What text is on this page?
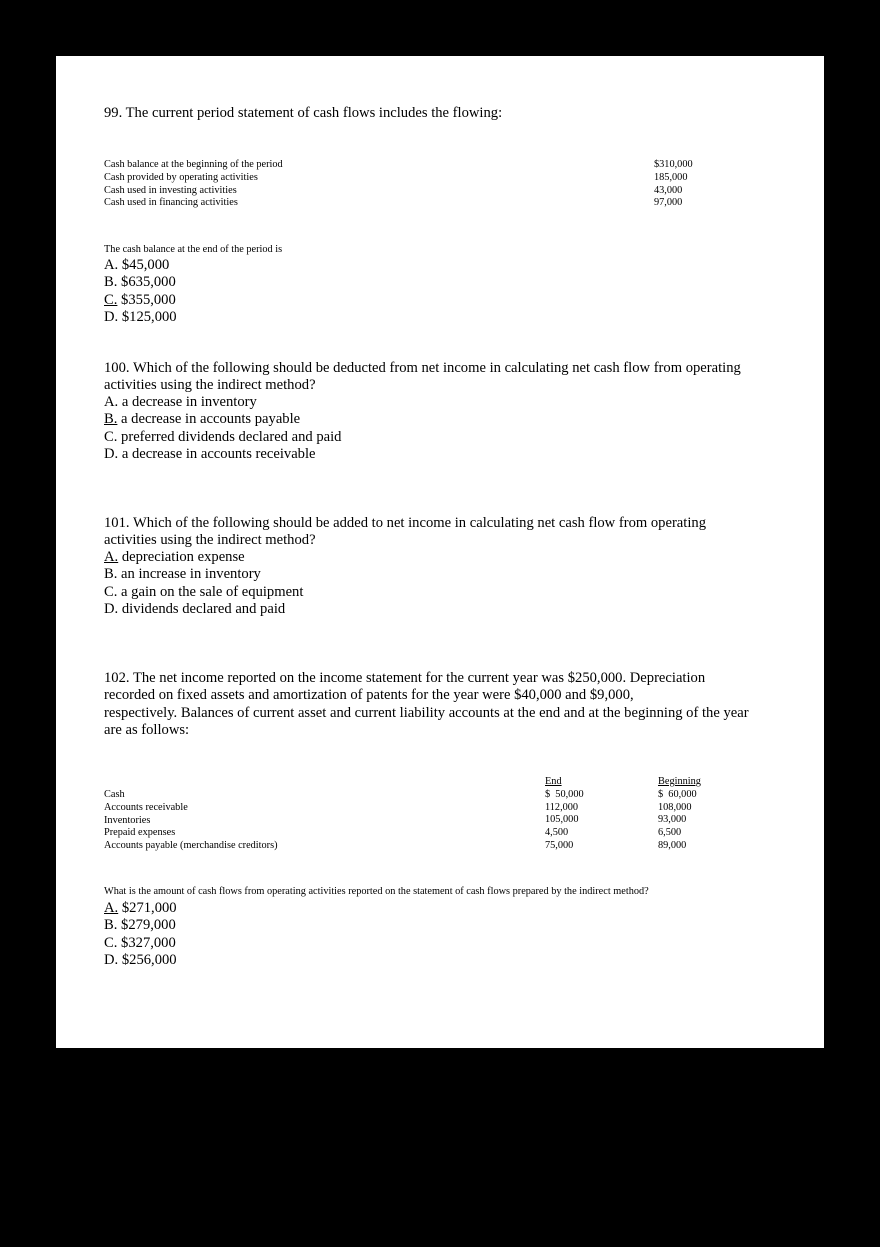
99. The current period statement of cash flows includes the flowing:
Cash balance at the beginning of the period
Cash provided by operating activities
Cash used in investing activities
Cash used in financing activities
$310,000
185,000
43,000
97,000
The cash balance at the end of the period is
A. $45,000
B. $635,000
C. $355,000
D. $125,000
100. Which of the following should be deducted from net income in calculating net cash flow from operating activities using the indirect method?
A. a decrease in inventory
B. a decrease in accounts payable
C. preferred dividends declared and paid
D. a decrease in accounts receivable
101. Which of the following should be added to net income in calculating net cash flow from operating activities using the indirect method?
A. depreciation expense
B. an increase in inventory
C. a gain on the sale of equipment
D. dividends declared and paid
102. The net income reported on the income statement for the current year was $250,000. Depreciation
recorded on fixed assets and amortization of patents for the year were $40,000 and $9,000,
respectively. Balances of current asset and current liability accounts at the end and at the beginning of the year
are as follows:
Cash
Accounts receivable
Inventories
Prepaid expenses
Accounts payable (merchandise creditors)
End
$  50,000
112,000
105,000
4,500
75,000
Beginning
$  60,000
108,000
93,000
6,500
89,000
What is the amount of cash flows from operating activities reported on the statement of cash flows prepared by the indirect method?
A. $271,000
B. $279,000
C. $327,000
D. $256,000
